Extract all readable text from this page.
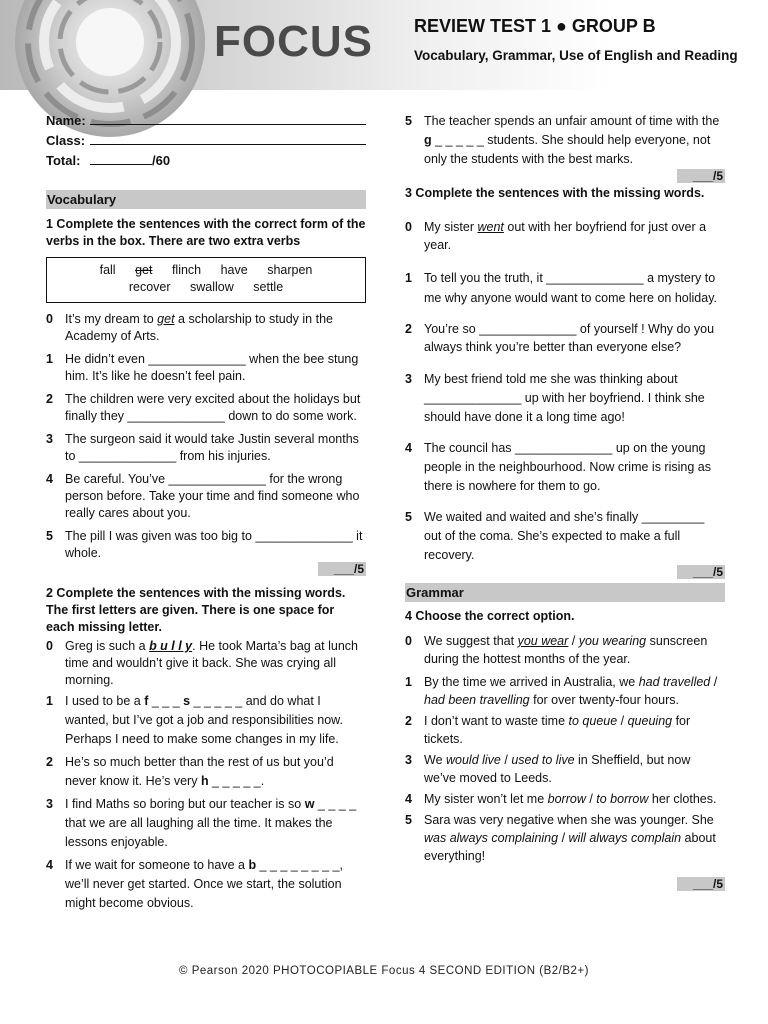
FOCUS REVIEW TEST 1 ● GROUP B
Vocabulary, Grammar, Use of English and Reading
Name:
Class:
Total:	/60
Vocabulary
1 Complete the sentences with the correct form of the verbs in the box. There are two extra verbs
fall get flinch have sharpen
recover swallow settle
0 It’s my dream to get a scholarship to study in the Academy of Arts.
1 He didn’t even ______________ when the bee stung him. It’s like he doesn’t feel pain.
2 The children were very excited about the holidays but finally they ______________ down to do some work.
3 The surgeon said it would take Justin several months to ______________ from his injuries.
4 Be careful. You’ve ______________ for the wrong person before. Take your time and find someone who really cares about you.
5 The pill I was given was too big to ______________ it whole.
___/5
2 Complete the sentences with the missing words. The first letters are given. There is one space for each missing letter.
0 Greg is such a b u l l y. He took Marta’s bag at lunch time and wouldn’t give it back. She was crying all morning.
1 I used to be a f _ _ _ s _ _ _ _ _ and do what I wanted, but I’ve got a job and responsibilities now. Perhaps I need to make some changes in my life.
2 He’s so much better than the rest of us but you’d never know it. He’s very h _ _ _ _ _.
3 I find Maths so boring but our teacher is so w _ _ _ _ that we are all laughing all the time. It makes the lessons enjoyable.
4 If we wait for someone to have a b _ _ _ _ _ _ _ _, we’ll never get started. Once we start, the solution might become obvious.
5 The teacher spends an unfair amount of time with the g _ _ _ _ _ students. She should help everyone, not only the students with the best marks.
___/5
3 Complete the sentences with the missing words.
0 My sister went out with her boyfriend for just over a year.
1 To tell you the truth, it ______________ a mystery to me why anyone would want to come here on holiday.
2 You’re so ______________ of yourself ! Why do you always think you’re better than everyone else?
3 My best friend told me she was thinking about ______________ up with her boyfriend. I think she should have done it a long time ago!
4 The council has ______________ up on the young people in the neighbourhood. Now crime is rising as there is nowhere for them to go.
5 We waited and waited and she’s finally _________ out of the coma. She’s expected to make a full recovery.
___/5
Grammar
4 Choose the correct option.
0 We suggest that you wear / you wearing sunscreen during the hottest months of the year.
1 By the time we arrived in Australia, we had travelled / had been travelling for over twenty-four hours.
2 I don’t want to waste time to queue / queuing for tickets.
3 We would live / used to live in Sheffield, but now we’ve moved to Leeds.
4 My sister won’t let me borrow / to borrow her clothes.
5 Sara was very negative when she was younger. She was always complaining / will always complain about everything!
___/5
© Pearson 2020 PHOTOCOPIABLE Focus 4 SECOND EDITION (B2/B2+)
